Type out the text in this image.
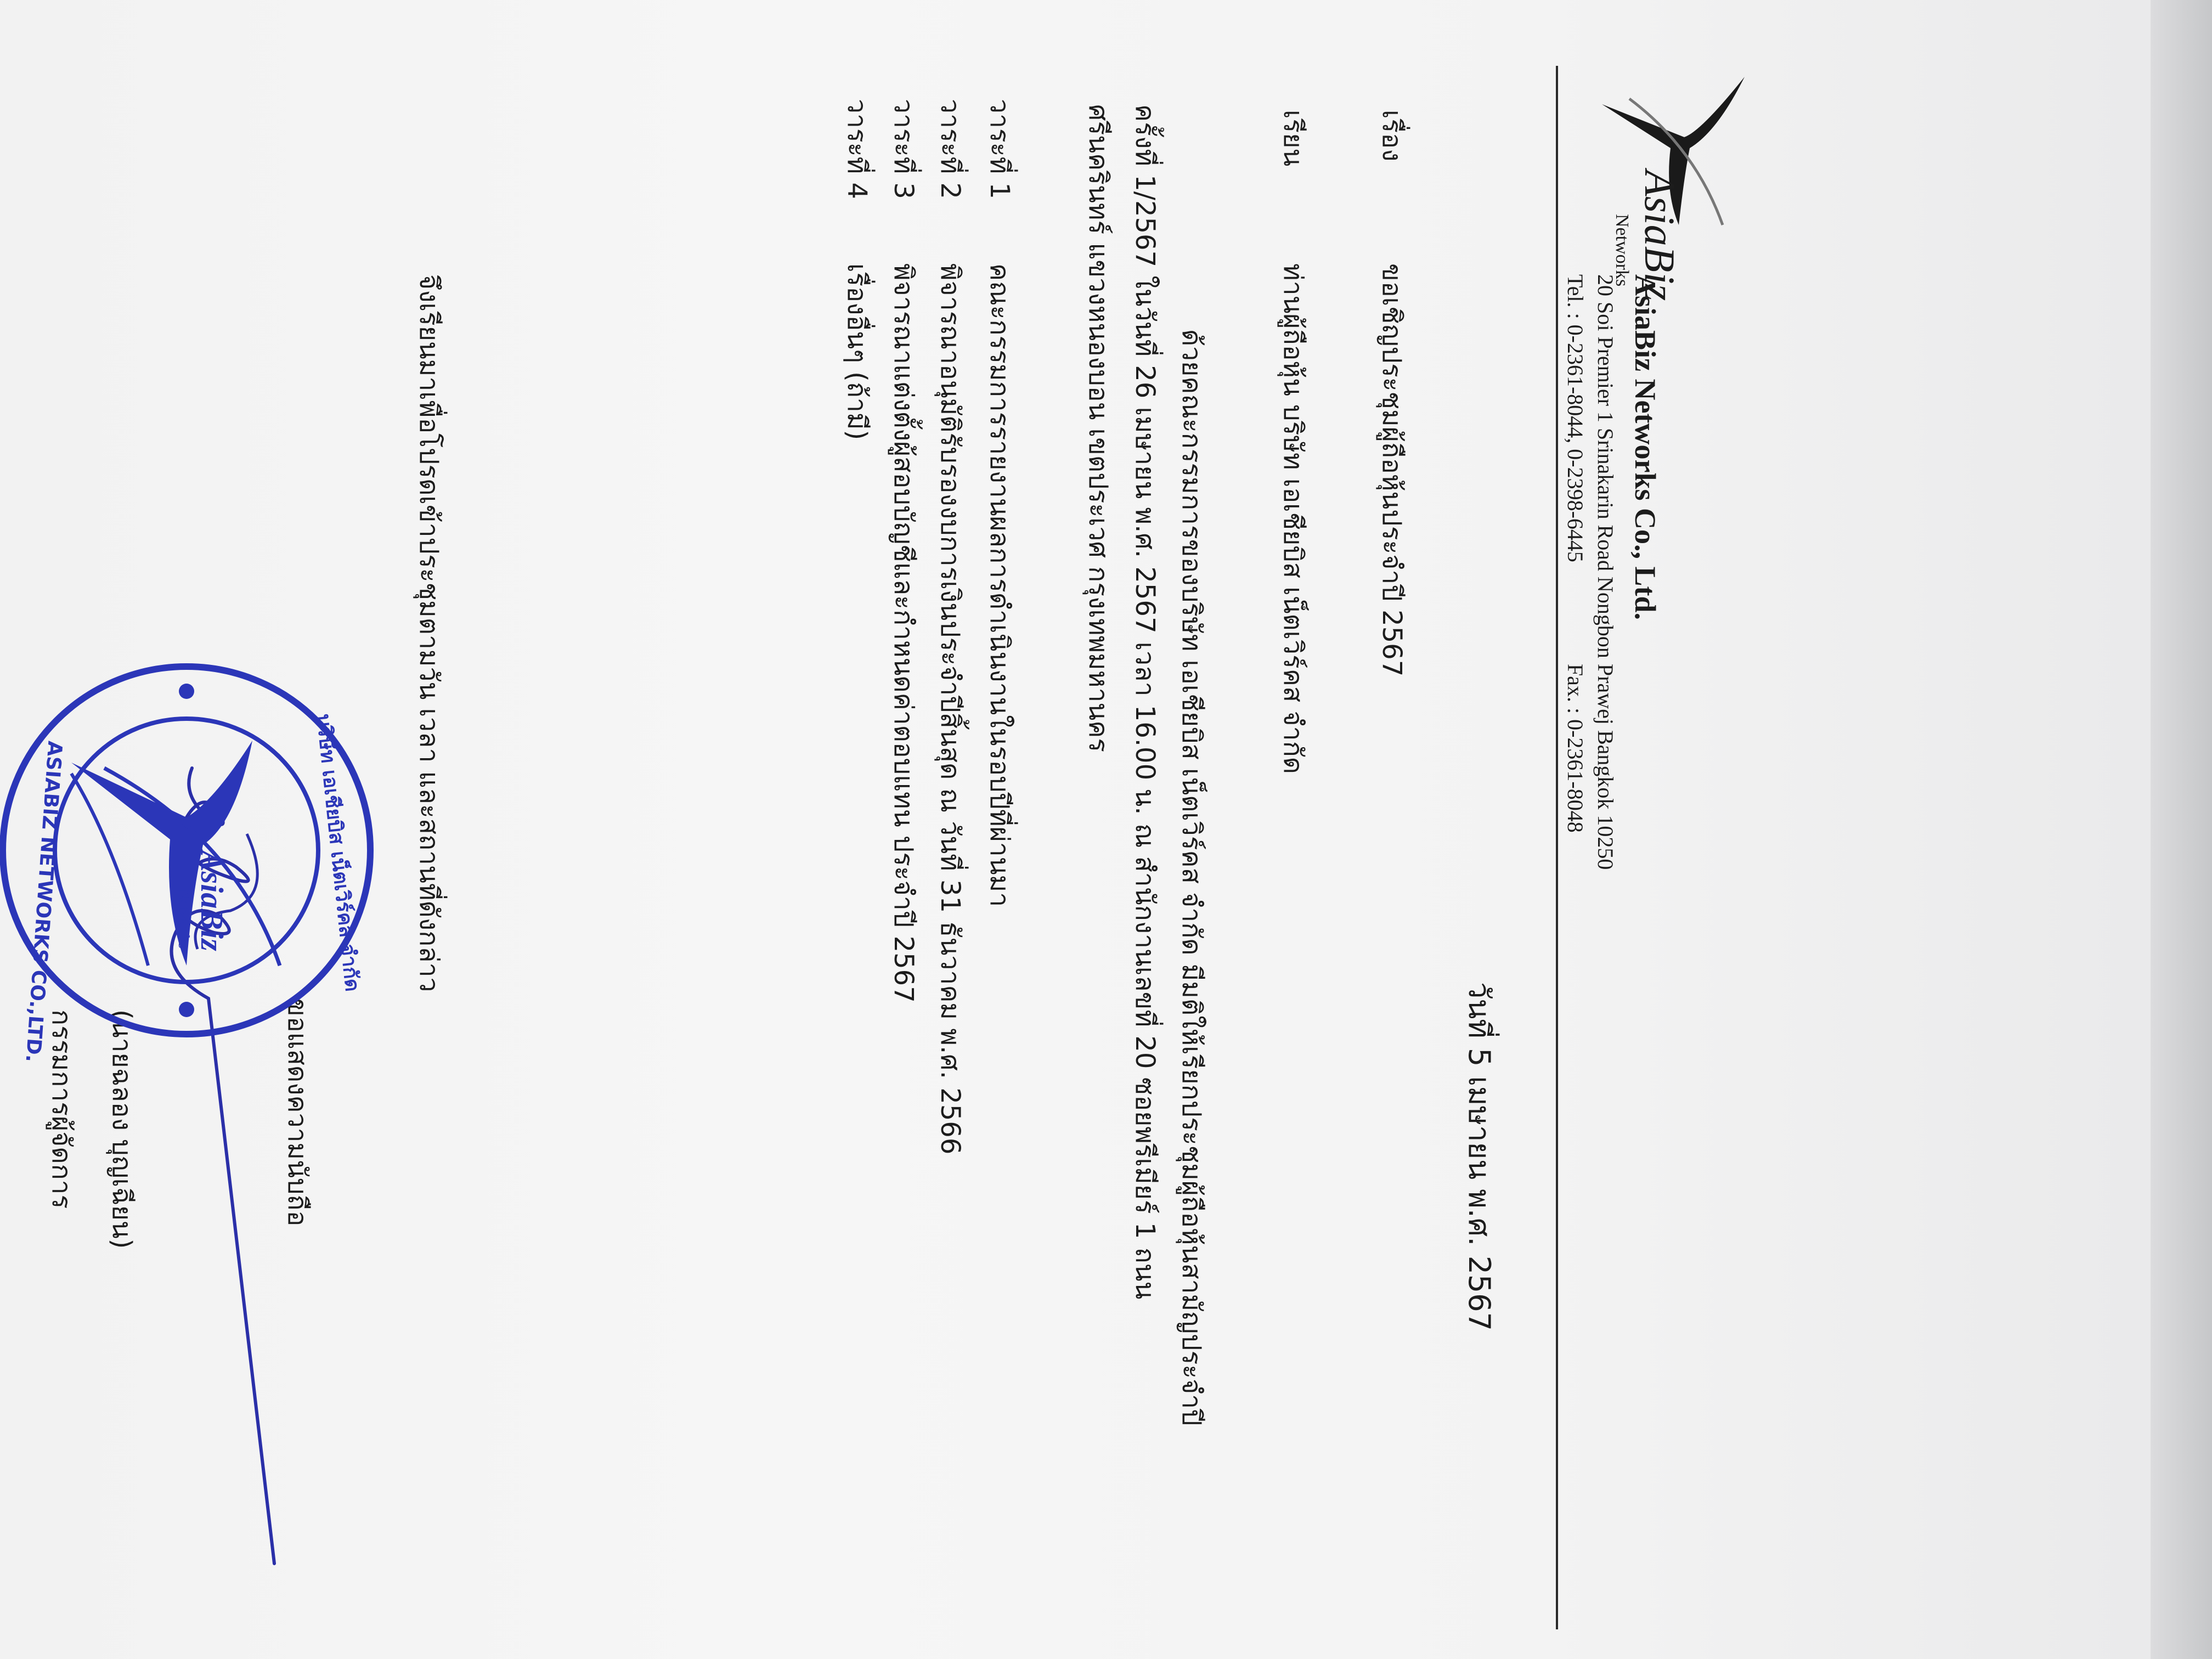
AsiaBiz
Networks
AsiaBiz Networks Co., Ltd.
20 Soi Premier 1 Srinakarin Road Nongbon Prawej Bangkok 10250
Tel. : 0-2361-8044, 0-2398-6445
Fax. : 0-2361-8048
วันที่ 5 เมษายน พ.ศ. 2567
เรื่อง
ขอเชิญประชุมผู้ถือหุ้นประจำปี 2567
เรียน
ท่านผู้ถือหุ้น บริษัท เอเชียบิส เน็ตเวิร์คส จำกัด
ด้วยคณะกรรมการของบริษัท เอเชียบิส เน็ตเวิร์คส จำกัด มีมติให้เรียกประชุมผู้ถือหุ้นสามัญประจำปี
ครั้งที่ 1/2567 ในวันที่ 26 เมษายน พ.ศ. 2567 เวลา 16.00 น. ณ สำนักงานเลขที่ 20 ซอยพรีเมียร์ 1 ถนน
ศรีนครินทร์ แขวงหนองบอน เขตประเวศ กรุงเทพมหานคร
วาระที่ 1
คณะกรรมการรายงานผลการดำเนินงานในรอบปีที่ผ่านมา
วาระที่ 2
พิจารณาอนุมัติรับรองงบการเงินประจำปีสิ้นสุด ณ วันที่ 31 ธันวาคม พ.ศ. 2566
วาระที่ 3
พิจารณาแต่งตั้งผู้สอบบัญชีและกำหนดค่าตอบแทน ประจำปี 2567
วาระที่ 4
เรื่องอื่นๆ (ถ้ามี)
จึงเรียนมาเพื่อโปรดเข้าประชุมตามวัน เวลา และสถานที่ดังกล่าว
ขอแสดงความนับถือ
(นายฉลอง บุญเฉียน)
กรรมการผู้จัดการ
AsiaBiz
Networks	บริษัท เอเชียบิส เน็ตเวิร์คส จำกัด
ASIABIZ NETWORKS CO.,LTD.
